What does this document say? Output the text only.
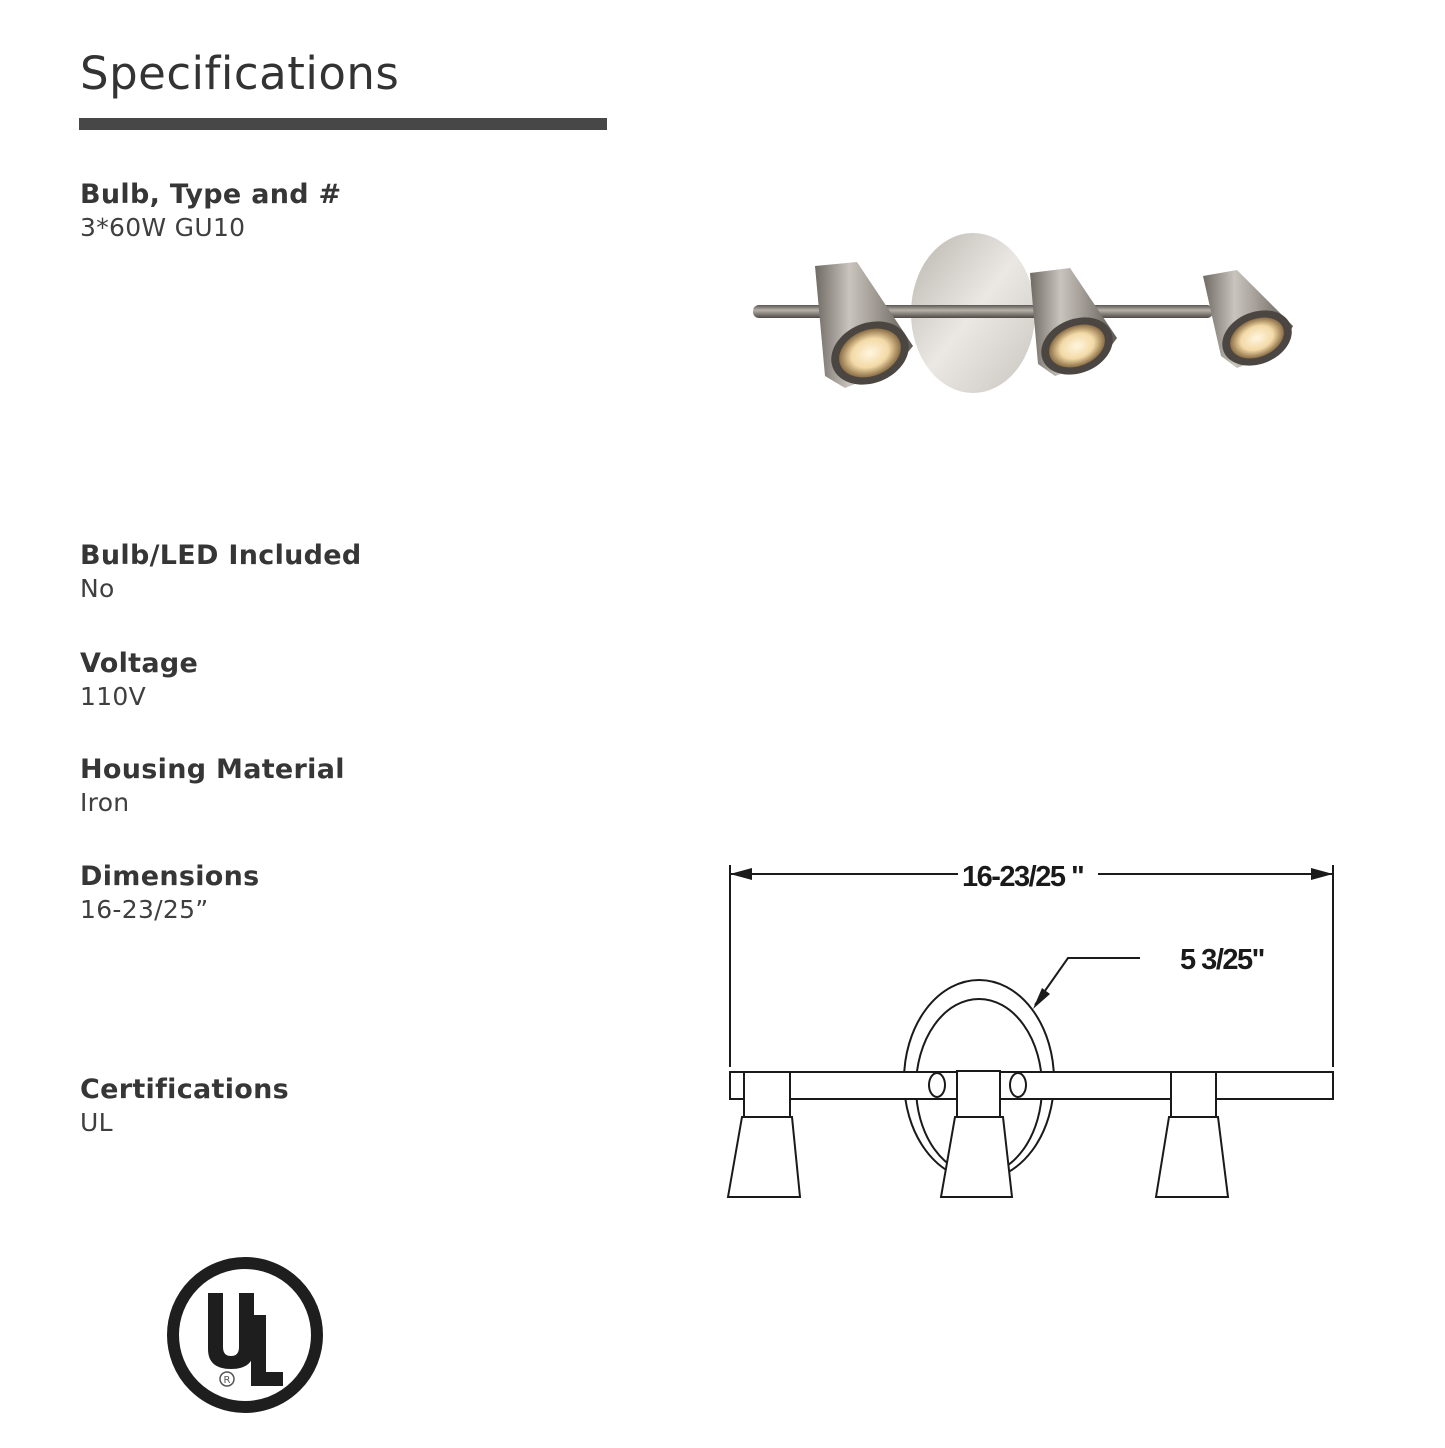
Specifications
Bulb, Type and #
3*60W GU10
Bulb/LED Included
No
Voltage
110V
Housing Material
Iron
Dimensions
16-23/25”
Certifications
UL
16-23/25 "
5 3/25"
R
